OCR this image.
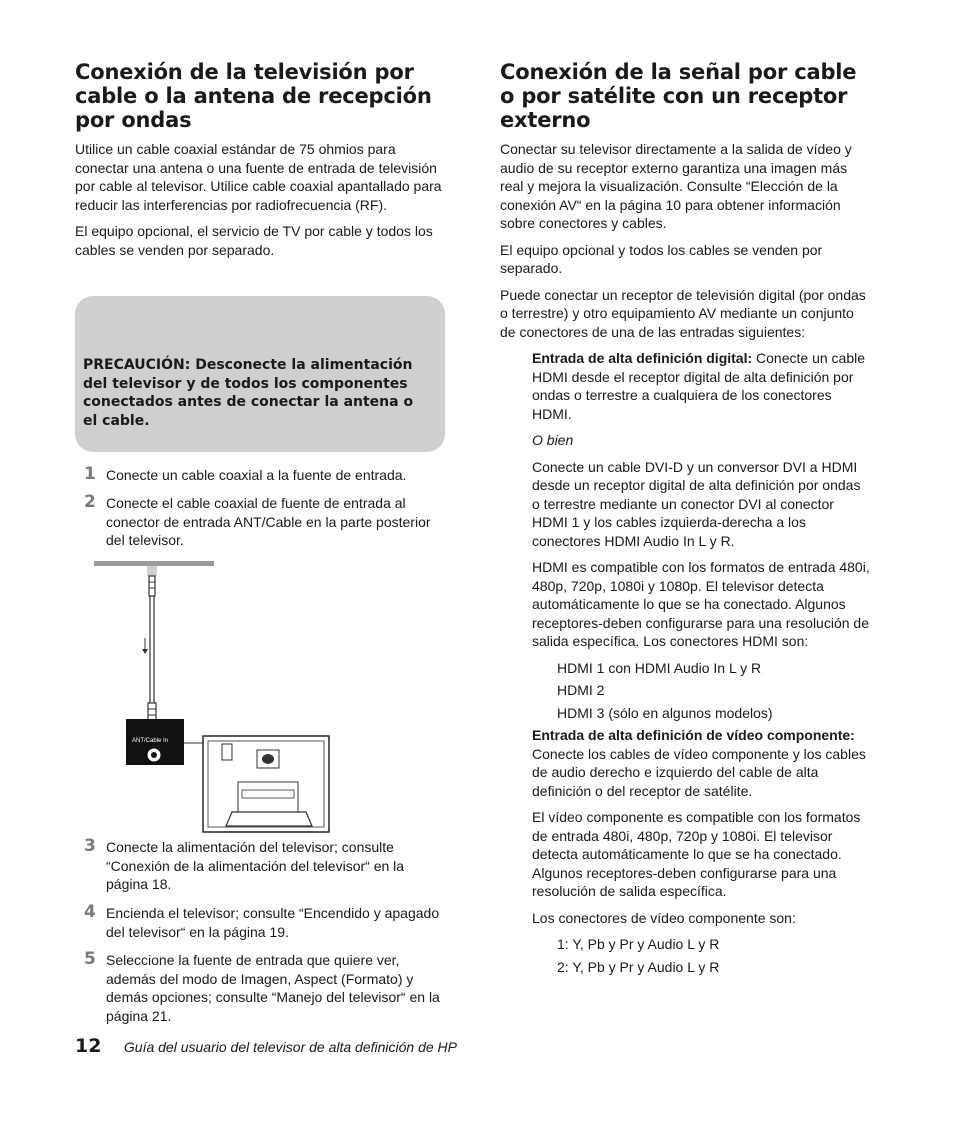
Conexión de la televisión por cable o la antena de recepción por ondas

Utilice un cable coaxial estándar de 75 ohmios para conectar una antena o una fuente de entrada de televisión por cable al televisor. Utilice cable coaxial apantallado para reducir las interferencias por radiofrecuencia (RF).

El equipo opcional, el servicio de TV por cable y todos los cables se venden por separado.

PRECAUCIÓN: Desconecte la alimentación del televisor y de todos los componentes conectados antes de conectar la antena o el cable.

1 Conecte un cable coaxial a la fuente de entrada.
2 Conecte el cable coaxial de fuente de entrada al conector de entrada ANT/Cable en la parte posterior del televisor.
ANT/Cable In
3 Conecte la alimentación del televisor; consulte “Conexión de la alimentación del televisor“ en la página 18.
4 Encienda el televisor; consulte “Encendido y apagado del televisor“ en la página 19.
5 Seleccione la fuente de entrada que quiere ver, además del modo de Imagen, Aspect (Formato) y demás opciones; consulte “Manejo del televisor“ en la página 21.
Conexión de la señal por cable o por satélite con un receptor externo

Conectar su televisor directamente a la salida de vídeo y audio de su receptor externo garantiza una imagen más real y mejora la visualización. Consulte “Elección de la conexión AV“ en la página 10 para obtener información sobre conectores y cables.

El equipo opcional y todos los cables se venden por separado.

Puede conectar un receptor de televisión digital (por ondas o terrestre) y otro equipamiento AV mediante un conjunto de conectores de una de las entradas siguientes:

Entrada de alta definición digital: Conecte un cable HDMI desde el receptor digital de alta definición por ondas o terrestre a cualquiera de los conectores HDMI.

O bien

Conecte un cable DVI-D y un conversor DVI a HDMI desde un receptor digital de alta definición por ondas o terrestre mediante un conector DVI al conector HDMI 1 y los cables izquierda-derecha a los conectores HDMI Audio In L y R.

HDMI es compatible con los formatos de entrada 480i, 480p, 720p, 1080i y 1080p. El televisor detecta automáticamente lo que se ha conectado. Algunos receptores-deben configurarse para una resolución de salida específica. Los conectores HDMI son:

HDMI 1 con HDMI Audio In L y R

HDMI 2

HDMI 3 (sólo en algunos modelos)

Entrada de alta definición de vídeo componente: Conecte los cables de vídeo componente y los cables de audio derecho e izquierdo del cable de alta definición o del receptor de satélite.

El vídeo componente es compatible con los formatos de entrada 480i, 480p, 720p y 1080i. El televisor detecta automáticamente lo que se ha conectado. Algunos receptores-deben configurarse para una resolución de salida específica.

Los conectores de vídeo componente son:

1: Y, Pb y Pr y Audio L y R

2: Y, Pb y Pr y Audio L y R

12 Guía del usuario del televisor de alta definición de HP
